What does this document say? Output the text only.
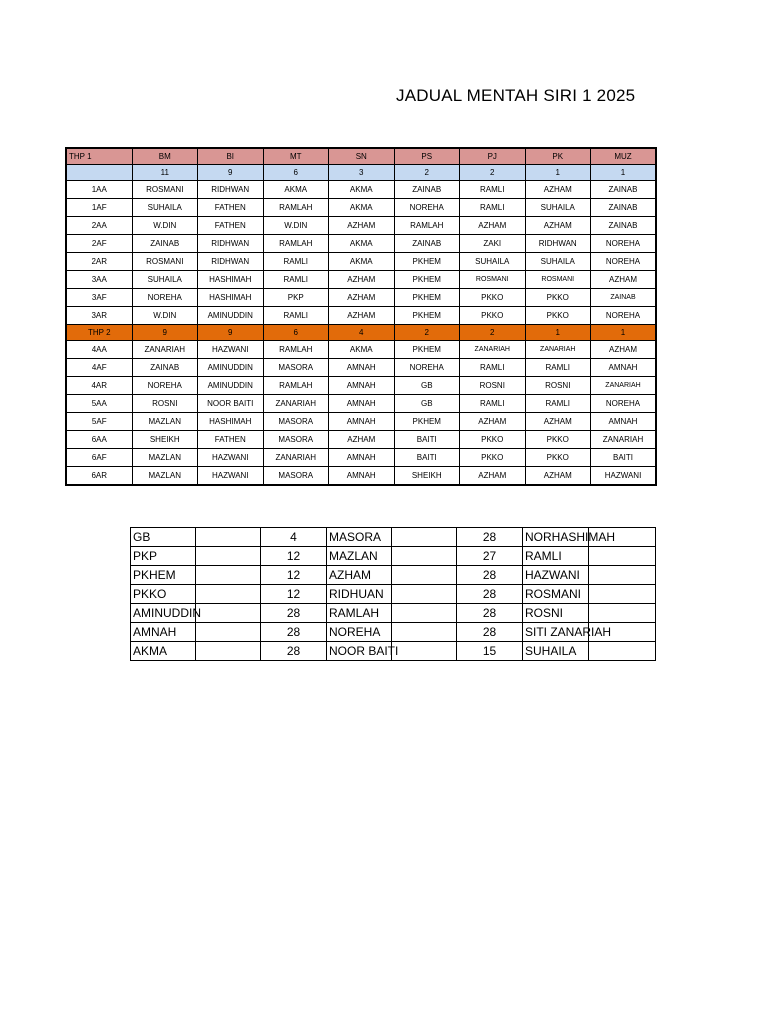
JADUAL MENTAH SIRI 1 2025
THP 1	BM	BI	MT	SN	PS	PJ	PK	MUZ
	11	9	6	3	2	2	1	1
1AA	ROSMANI	RIDHWAN	AKMA	AKMA	ZAINAB	RAMLI	AZHAM	ZAINAB
1AF	SUHAILA	FATHEN	RAMLAH	AKMA	NOREHA	RAMLI	SUHAILA	ZAINAB
2AA	W.DIN	FATHEN	W.DIN	AZHAM	RAMLAH	AZHAM	AZHAM	ZAINAB
2AF	ZAINAB	RIDHWAN	RAMLAH	AKMA	ZAINAB	ZAKI	RIDHWAN	NOREHA
2AR	ROSMANI	RIDHWAN	RAMLI	AKMA	PKHEM	SUHAILA	SUHAILA	NOREHA
3AA	SUHAILA	HASHIMAH	RAMLI	AZHAM	PKHEM	ROSMANI	ROSMANI	AZHAM
3AF	NOREHA	HASHIMAH	PKP	AZHAM	PKHEM	PKKO	PKKO	ZAINAB
3AR	W.DIN	AMINUDDIN	RAMLI	AZHAM	PKHEM	PKKO	PKKO	NOREHA
THP 2	9	9	6	4	2	2	1	1
4AA	ZANARIAH	HAZWANI	RAMLAH	AKMA	PKHEM	ZANARIAH	ZANARIAH	AZHAM
4AF	ZAINAB	AMINUDDIN	MASORA	AMNAH	NOREHA	RAMLI	RAMLI	AMNAH
4AR	NOREHA	AMINUDDIN	RAMLAH	AMNAH	GB	ROSNI	ROSNI	ZANARIAH
5AA	ROSNI	NOOR BAITI	ZANARIAH	AMNAH	GB	RAMLI	RAMLI	NOREHA
5AF	MAZLAN	HASHIMAH	MASORA	AMNAH	PKHEM	AZHAM	AZHAM	AMNAH
6AA	SHEIKH	FATHEN	MASORA	AZHAM	BAITI	PKKO	PKKO	ZANARIAH
6AF	MAZLAN	HAZWANI	ZANARIAH	AMNAH	BAITI	PKKO	PKKO	BAITI
6AR	MAZLAN	HAZWANI	MASORA	AMNAH	SHEIKH	AZHAM	AZHAM	HAZWANI
GB		4	MASORA		28	NORHASHIMAH	
PKP		12	MAZLAN		27	RAMLI	
PKHEM		12	AZHAM		28	HAZWANI	
PKKO		12	RIDHUAN		28	ROSMANI	
AMINUDDIN		28	RAMLAH		28	ROSNI	
AMNAH		28	NOREHA		28	SITI ZANARIAH	
AKMA		28	NOOR BAITI		15	SUHAILA	
